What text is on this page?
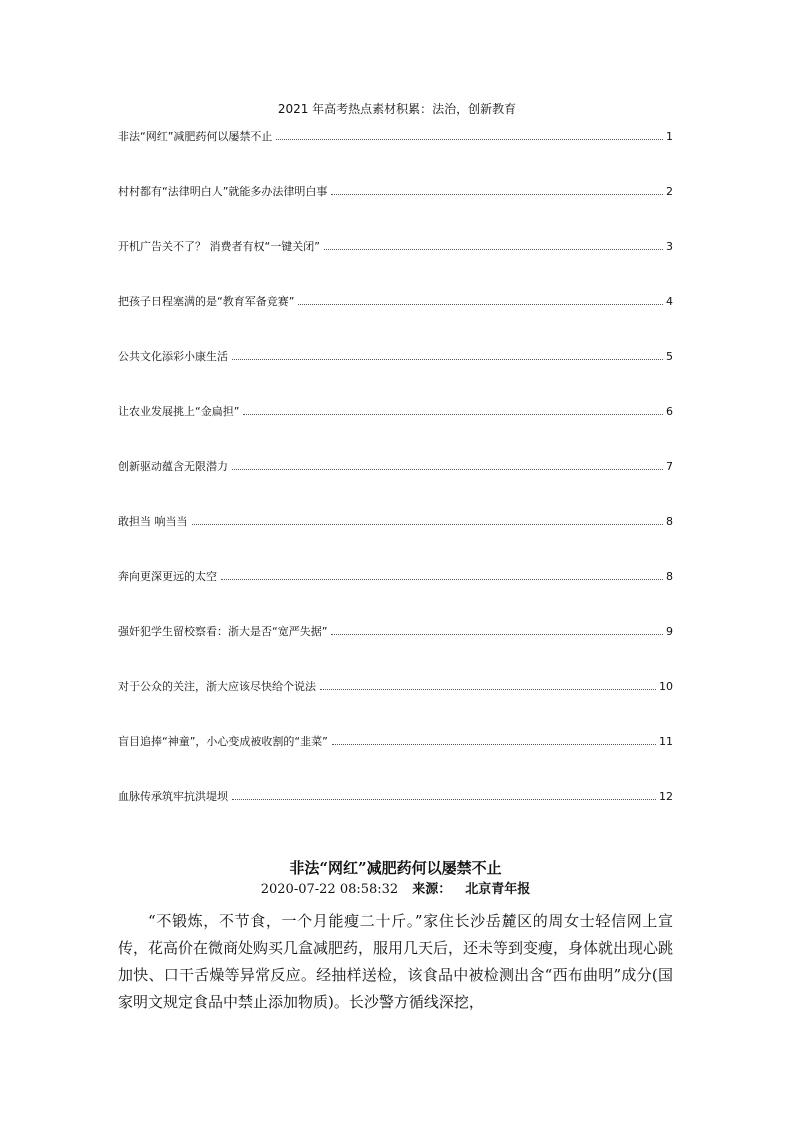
2021 年高考热点素材积累：法治，创新教育
非法“网红”减肥药何以屡禁不止	1
村村都有“法律明白人”就能多办法律明白事	2
开机广告关不了？ 消费者有权“一键关闭”	3
把孩子日程塞满的是“教育军备竞赛”	4
公共文化添彩小康生活	5
让农业发展挑上“金扁担”	6
创新驱动蕴含无限潜力	7
敢担当 响当当	8
奔向更深更远的太空	8
强奸犯学生留校察看：浙大是否“宽严失据”	9
对于公众的关注，浙大应该尽快给个说法	10
盲目追捧“神童”，小心变成被收割的“韭菜”	11
血脉传承筑牢抗洪堤坝	12
非法“网红”减肥药何以屡禁不止
2020-07-22 08:58:32 来源： 北京青年报

“不锻炼，不节食，一个月能瘦二十斤。”家住长沙岳麓区的周女士轻信网上宣传，花高价在微商处购买几盒减肥药，服用几天后，还未等到变瘦，身体就出现心跳加快、口干舌燥等异常反应。经抽样送检，该食品中被检测出含“西布曲明”成分(国家明文规定食品中禁止添加物质)。长沙警方循线深挖，
